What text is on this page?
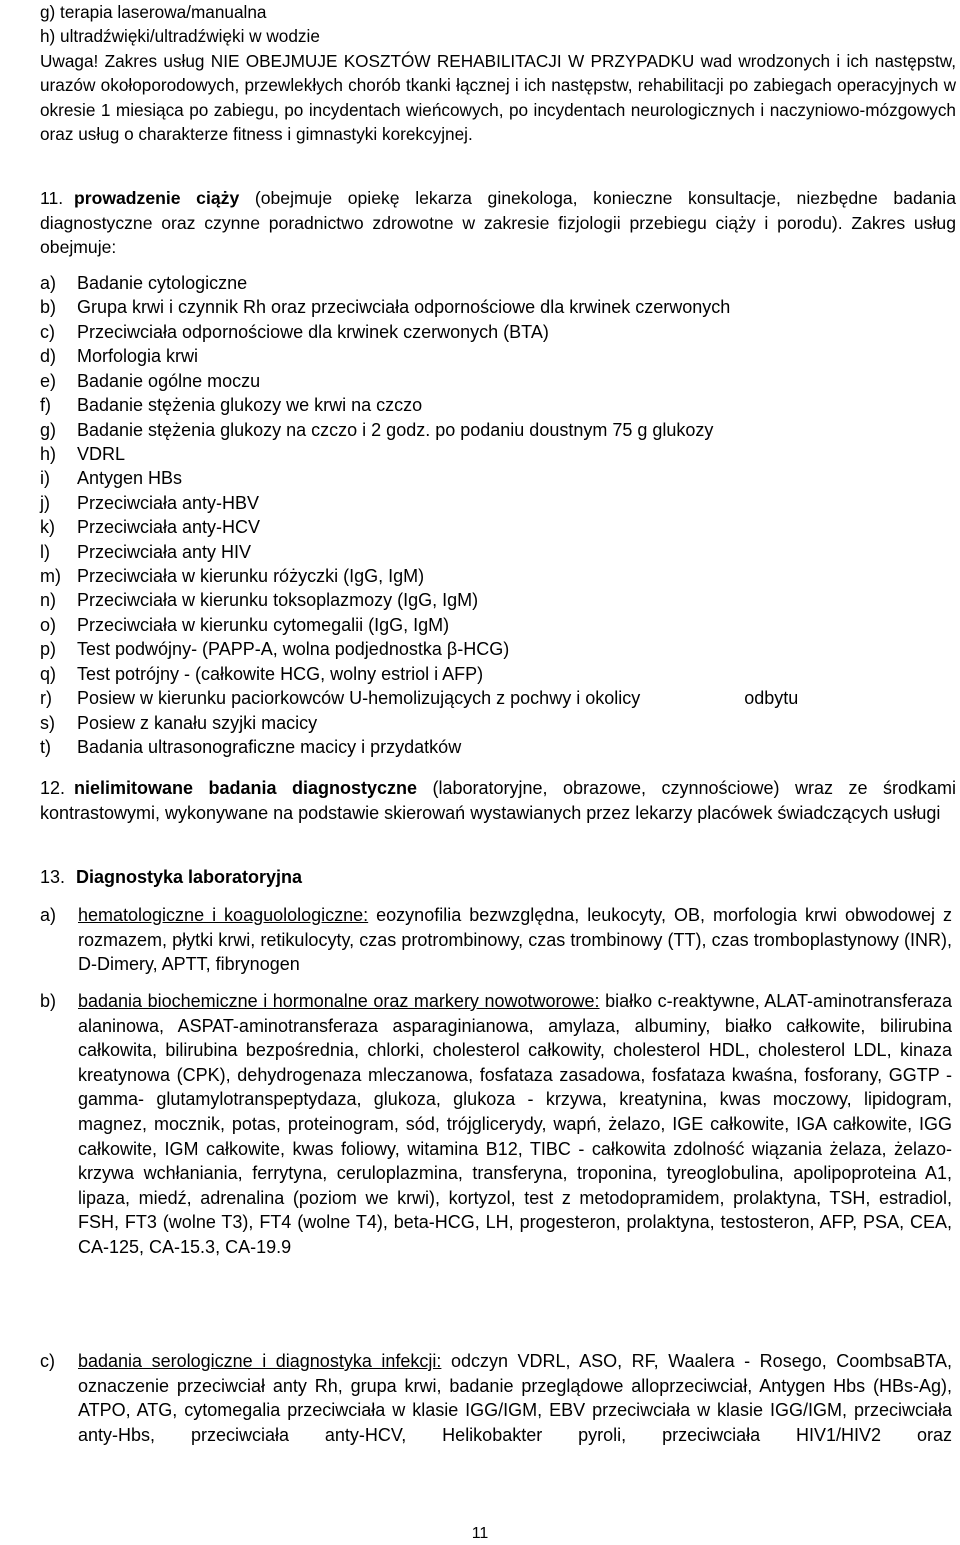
g) terapia laserowa/manualna
h) ultradźwięki/ultradźwięki w wodzie
Uwaga! Zakres usług NIE OBEJMUJE KOSZTÓW REHABILITACJI W PRZYPADKU wad wrodzonych i ich następstw, urazów okołoporodowych, przewlekłych chorób tkanki łącznej i ich następstw, rehabilitacji po zabiegach operacyjnych w okresie 1 miesiąca po zabiegu, po incydentach wieńcowych, po incydentach neurologicznych i naczyniowo-mózgowych oraz usług o charakterze fitness i gimnastyki korekcyjnej.
11. prowadzenie ciąży (obejmuje opiekę lekarza ginekologa, konieczne konsultacje, niezbędne badania diagnostyczne oraz czynne poradnictwo zdrowotne w zakresie fizjologii przebiegu ciąży i porodu). Zakres usług obejmuje:
a) Badanie cytologiczne
b) Grupa krwi i czynnik Rh oraz przeciwciała odpornościowe dla krwinek czerwonych
c) Przeciwciała odpornościowe dla krwinek czerwonych (BTA)
d) Morfologia krwi
e) Badanie ogólne moczu
f) Badanie stężenia glukozy we krwi na czczo
g) Badanie stężenia glukozy na czczo i 2 godz. po podaniu doustnym 75 g glukozy
h) VDRL
i) Antygen HBs
j) Przeciwciała anty-HBV
k) Przeciwciała anty-HCV
l) Przeciwciała anty HIV
m) Przeciwciała w kierunku różyczki (IgG, IgM)
n) Przeciwciała w kierunku toksoplazmozy (IgG, IgM)
o) Przeciwciała w kierunku cytomegalii (IgG, IgM)
p) Test podwójny- (PAPP-A, wolna podjednostka β-HCG)
q) Test potrójny - (całkowite HCG, wolny estriol i AFP)
r) Posiew w kierunku paciorkowców U-hemolizujących z pochwy i okolicy	odbytu
s) Posiew z kanału szyjki macicy
t) Badania ultrasonograficzne macicy i przydatków
12. nielimitowane badania diagnostyczne (laboratoryjne, obrazowe, czynnościowe) wraz ze środkami kontrastowymi, wykonywane na podstawie skierowań wystawianych przez lekarzy placówek świadczących usługi
13. Diagnostyka laboratoryjna
a) hematologiczne i koaguolologiczne: eozynofilia bezwzględna, leukocyty, OB, morfologia krwi obwodowej z rozmazem, płytki krwi, retikulocyty, czas protrombinowy, czas trombinowy (TT), czas tromboplastynowy (INR), D-Dimery, APTT, fibrynogen
b) badania biochemiczne i hormonalne oraz markery nowotworowe: białko c-reaktywne, ALAT-aminotransferaza alaninowa, ASPAT-aminotransferaza asparaginianowa, amylaza, albuminy, białko całkowite, bilirubina całkowita, bilirubina bezpośrednia, chlorki, cholesterol całkowity, cholesterol HDL, cholesterol LDL, kinaza kreatynowa (CPK), dehydrogenaza mleczanowa, fosfataza zasadowa, fosfataza kwaśna, fosforany, GGTP -gamma- glutamylotranspeptydaza, glukoza, glukoza - krzywa, kreatynina, kwas moczowy, lipidogram, magnez, mocznik, potas, proteinogram, sód, trójglicerydy, wapń, żelazo, IGE całkowite, IGA całkowite, IGG całkowite, IGM całkowite, kwas foliowy, witamina B12, TIBC - całkowita zdolność wiązania żelaza, żelazo-krzywa wchłaniania, ferrytyna, ceruloplazmina, transferyna, troponina, tyreoglobulina, apolipoproteina A1, lipaza, miedź, adrenalina (poziom we krwi), kortyzol, test z metodopramidem, prolaktyna, TSH, estradiol, FSH, FT3 (wolne T3), FT4 (wolne T4), beta-HCG, LH, progesteron, prolaktyna, testosteron, AFP, PSA, CEA, CA-125, CA-15.3, CA-19.9
c) badania serologiczne i diagnostyka infekcji: odczyn VDRL, ASO, RF, Waalera - Rosego, CoombsaBTA, oznaczenie przeciwciał anty Rh, grupa krwi, badanie przeglądowe alloprzeciwciał, Antygen Hbs (HBs-Ag), ATPO, ATG, cytomegalia przeciwciała w klasie IGG/IGM, EBV przeciwciała w klasie IGG/IGM, przeciwciała anty-Hbs, przeciwciała anty-HCV, Helikobakter pyroli, przeciwciała HIV1/HIV2 oraz
11
